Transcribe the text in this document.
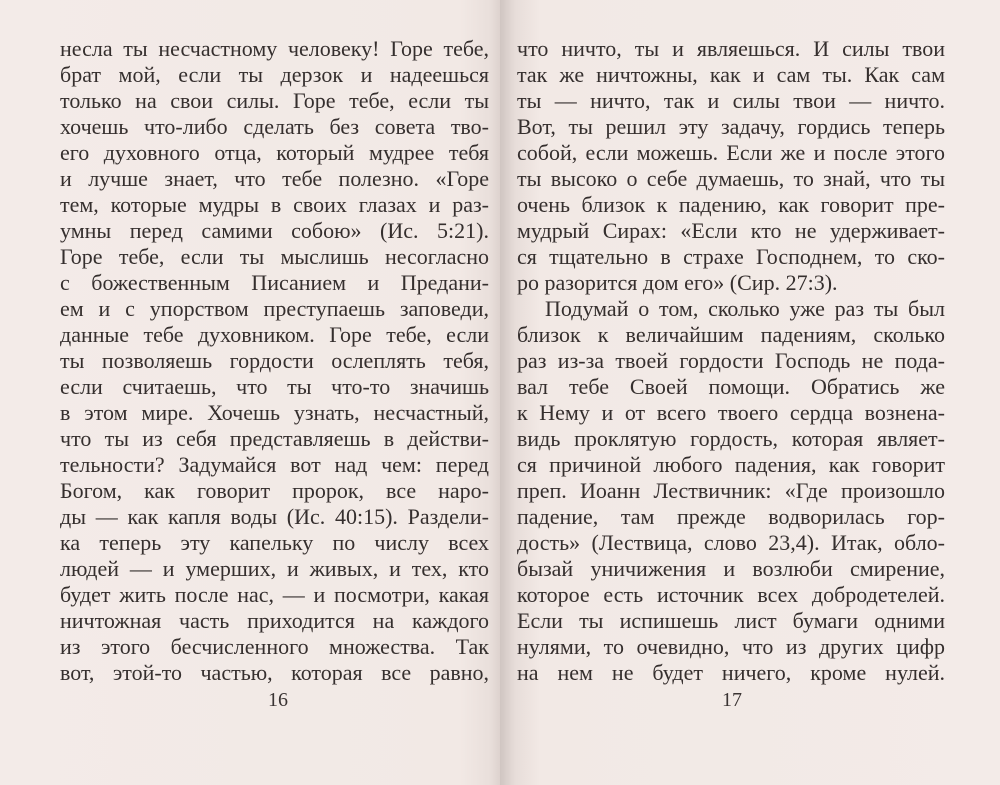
несла ты несчастному человеку! Горе тебе,
брат мой, если ты дерзок и надеешься
только на свои силы. Горе тебе, если ты
хочешь что-либо сделать без совета тво-
его духовного отца, который мудрее тебя
и лучше знает, что тебе полезно. «Горе
тем, которые мудры в своих глазах и раз-
умны перед самими собою» (Ис. 5:21).
Горе тебе, если ты мыслишь несогласно
с божественным Писанием и Предани-
ем и с упорством преступаешь заповеди,
данные тебе духовником. Горе тебе, если
ты позволяешь гордости ослеплять тебя,
если считаешь, что ты что-то значишь
в этом мире. Хочешь узнать, несчастный,
что ты из себя представляешь в действи-
тельности? Задумайся вот над чем: перед
Богом, как говорит пророк, все наро-
ды — как капля воды (Ис. 40:15). Раздели-
ка теперь эту капельку по числу всех
людей — и умерших, и живых, и тех, кто
будет жить после нас, — и посмотри, какая
ничтожная часть приходится на каждого
из этого бесчисленного множества. Так
вот, этой-то частью, которая все равно,
16
что ничто, ты и являешься. И силы твои
так же ничтожны, как и сам ты. Как сам
ты — ничто, так и силы твои — ничто.
Вот, ты решил эту задачу, гордись теперь
собой, если можешь. Если же и после этого
ты высоко о себе думаешь, то знай, что ты
очень близок к падению, как говорит пре-
мудрый Сирах: «Если кто не удерживает-
ся тщательно в страхе Господнем, то ско-
ро разорится дом его» (Сир. 27:3).
Подумай о том, сколько уже раз ты был
близок к величайшим падениям, сколько
раз из-за твоей гордости Господь не пода-
вал тебе Своей помощи. Обратись же
к Нему и от всего твоего сердца вознена-
видь проклятую гордость, которая являет-
ся причиной любого падения, как говорит
преп. Иоанн Лествичник: «Где произошло
падение, там прежде водворилась гор-
дость» (Лествица, слово 23,4). Итак, обло-
бызай уничижения и возлюби смирение,
которое есть источник всех добродетелей.
Если ты испишешь лист бумаги одними
нулями, то очевидно, что из других цифр
на нем не будет ничего, кроме нулей.
17
